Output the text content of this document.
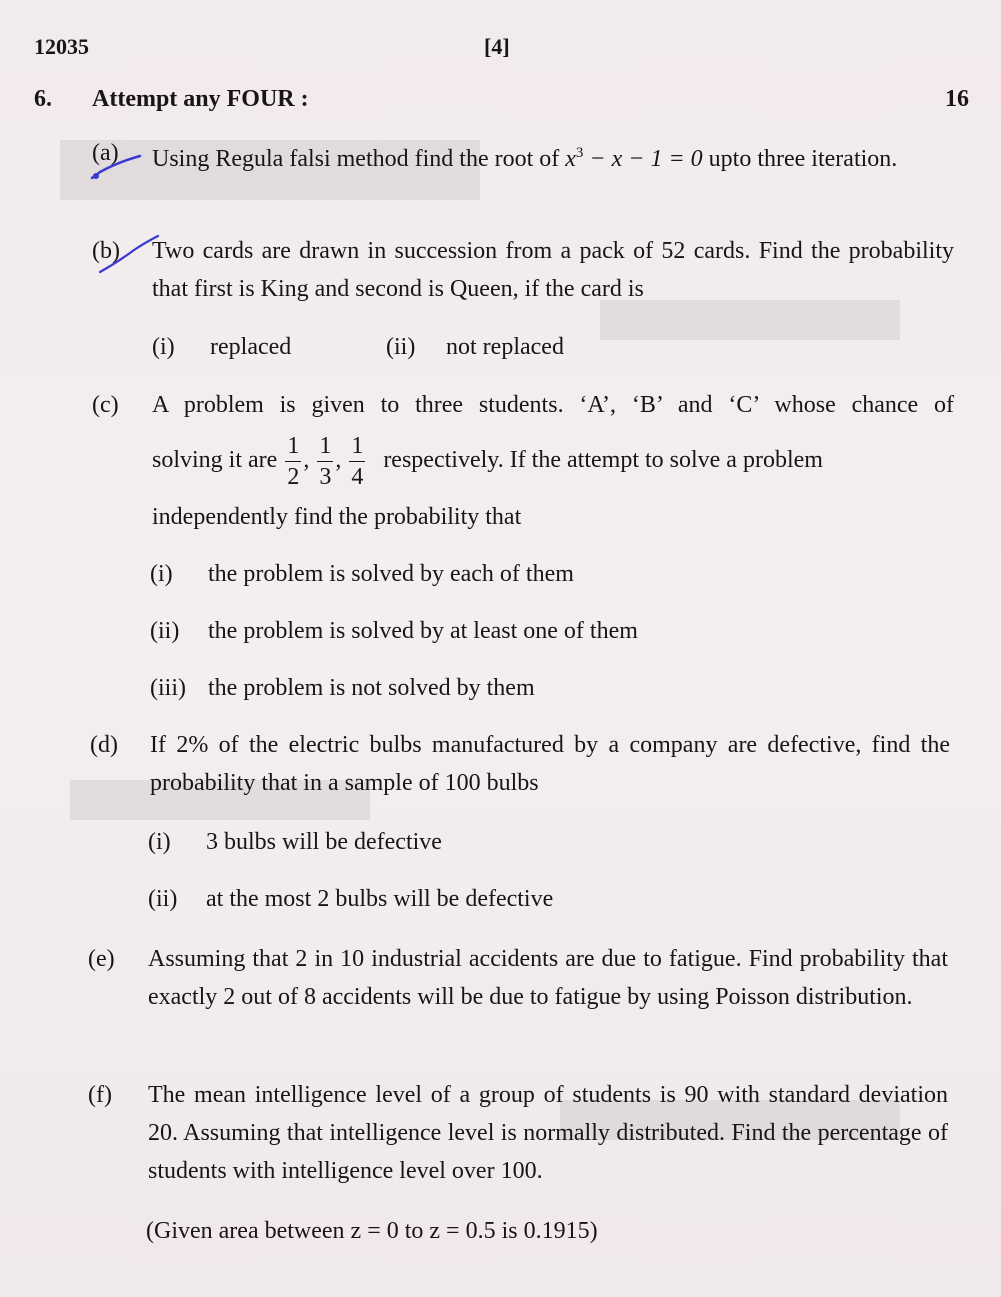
12035	[4]
6. Attempt any FOUR :	16
(a)	Using Regula falsi method find the root of $x^3 - x - 1 = 0$ upto three iteration.
(b)	Two cards are drawn in succession from a pack of 52 cards. Find the probability that first is King and second is Queen, if the card is
(i) replaced	(ii) not replaced
(c)	A problem is given to three students. ‘A’, ‘B’ and ‘C’ whose chance of
solving it are $\frac{1}{2}$ , $\frac{1}{3}$ , $\frac{1}{4}$ respectively. If the attempt to solve a problem
independently find the probability that
(i) the problem is solved by each of them
(ii) the problem is solved by at least one of them
(iii) the problem is not solved by them
(d)	If 2% of the electric bulbs manufactured by a company are defective, find the probability that in a sample of 100 bulbs
(i) 3 bulbs will be defective
(ii) at the most 2 bulbs will be defective
(e)	Assuming that 2 in 10 industrial accidents are due to fatigue. Find probability that exactly 2 out of 8 accidents will be due to fatigue by using Poisson distribution.
(f)	The mean intelligence level of a group of students is 90 with standard deviation 20. Assuming that intelligence level is normally distributed. Find the percentage of students with intelligence level over 100.
(Given area between z = 0 to z = 0.5 is 0.1915)
